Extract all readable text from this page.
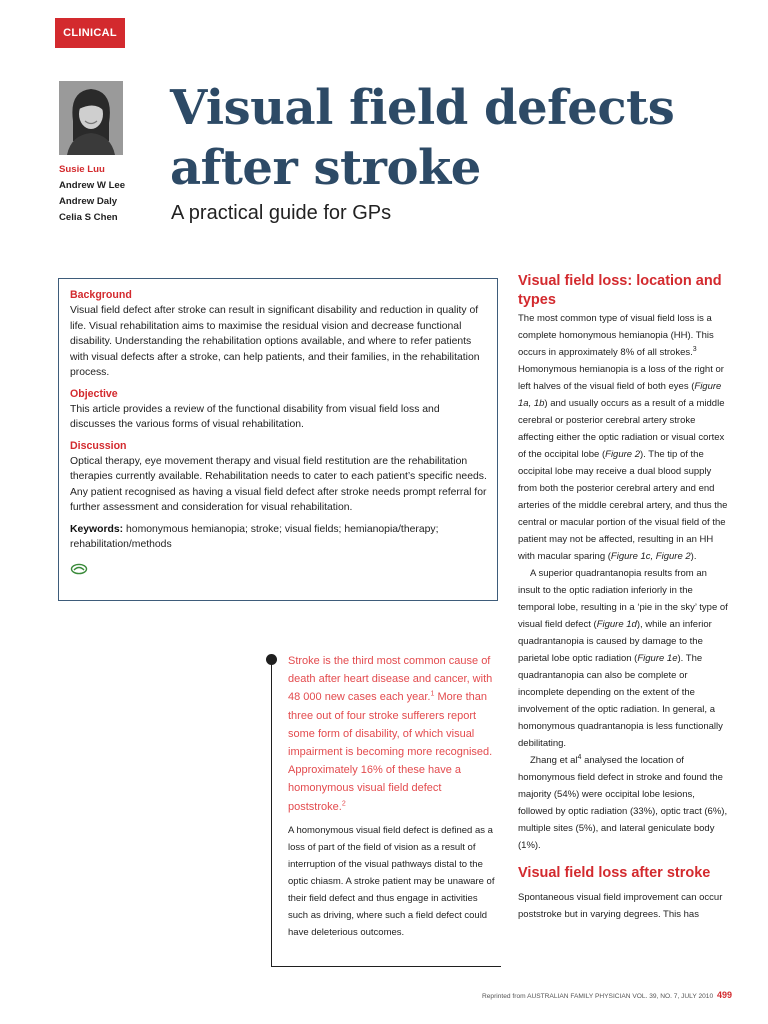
CLINICAL
Susie Luu
Andrew W Lee
Andrew Daly
Celia S Chen
Visual field defects
after stroke
A practical guide for GPs
Background

Visual field defect after stroke can result in significant disability and reduction in quality of life. Visual rehabilitation aims to maximise the residual vision and decrease functional disability. Understanding the rehabilitation options available, and where to refer patients with visual defects after a stroke, can help patients, and their families, in the rehabilitation process.

Objective

This article provides a review of the functional disability from visual field loss and discusses the various forms of visual rehabilitation.

Discussion

Optical therapy, eye movement therapy and visual field restitution are the rehabilitation therapies currently available. Rehabilitation needs to cater to each patient’s specific needs. Any patient recognised as having a visual field defect after stroke needs prompt referral for further assessment and consideration for visual rehabilitation.

Keywords: homonymous hemianopia; stroke; visual fields; hemianopia/therapy; rehabilitation/methods

Stroke is the third most common cause of death after heart disease and cancer, with 48 000 new cases each year.$^1$ More than three out of four stroke sufferers report some form of disability, of which visual impairment is becoming more recognised. Approximately 16% of these have a homonymous visual field defect poststroke.$^2$
A homonymous visual field defect is defined as a loss of part of the field of vision as a result of interruption of the visual pathways distal to the optic chiasm. A stroke patient may be unaware of their field defect and thus engage in activities such as driving, where such a field defect could have deleterious outcomes.
Visual field loss: location and types

The most common type of visual field loss is a complete homonymous hemianopia (HH). This occurs in approximately 8% of all strokes.$^3$ Homonymous hemianopia is a loss of the right or left halves of the visual field of both eyes (Figure 1a, 1b) and usually occurs as a result of a middle cerebral or posterior cerebral artery stroke affecting either the optic radiation or visual cortex of the occipital lobe (Figure 2). The tip of the occipital lobe may receive a dual blood supply from both the posterior cerebral artery and end arteries of the middle cerebral artery, and thus the central or macular portion of the visual field of the patient may not be affected, resulting in an HH with macular sparing (Figure 1c, Figure 2).

A superior quadrantanopia results from an insult to the optic radiation inferiorly in the temporal lobe, resulting in a ‘pie in the sky’ type of visual field defect (Figure 1d), while an inferior quadrantanopia is caused by damage to the parietal lobe optic radiation (Figure 1e). The quadrantanopia can also be complete or incomplete depending on the extent of the involvement of the optic radiation. In general, a homonymous quadrantanopia is less functionally debilitating.

Zhang et $al^4$ analysed the location of homonymous field defect in stroke and found the majority (54%) were occipital lobe lesions, followed by optic radiation (33%), optic tract (6%), multiple sites (5%), and lateral geniculate body (1%).

Visual field loss after stroke

Spontaneous visual field improvement can occur poststroke but in varying degrees. This has

Reprinted from AUSTRALIAN FAMILY PHYSICIAN VOL. 39, NO. 7, JULY 2010 499
